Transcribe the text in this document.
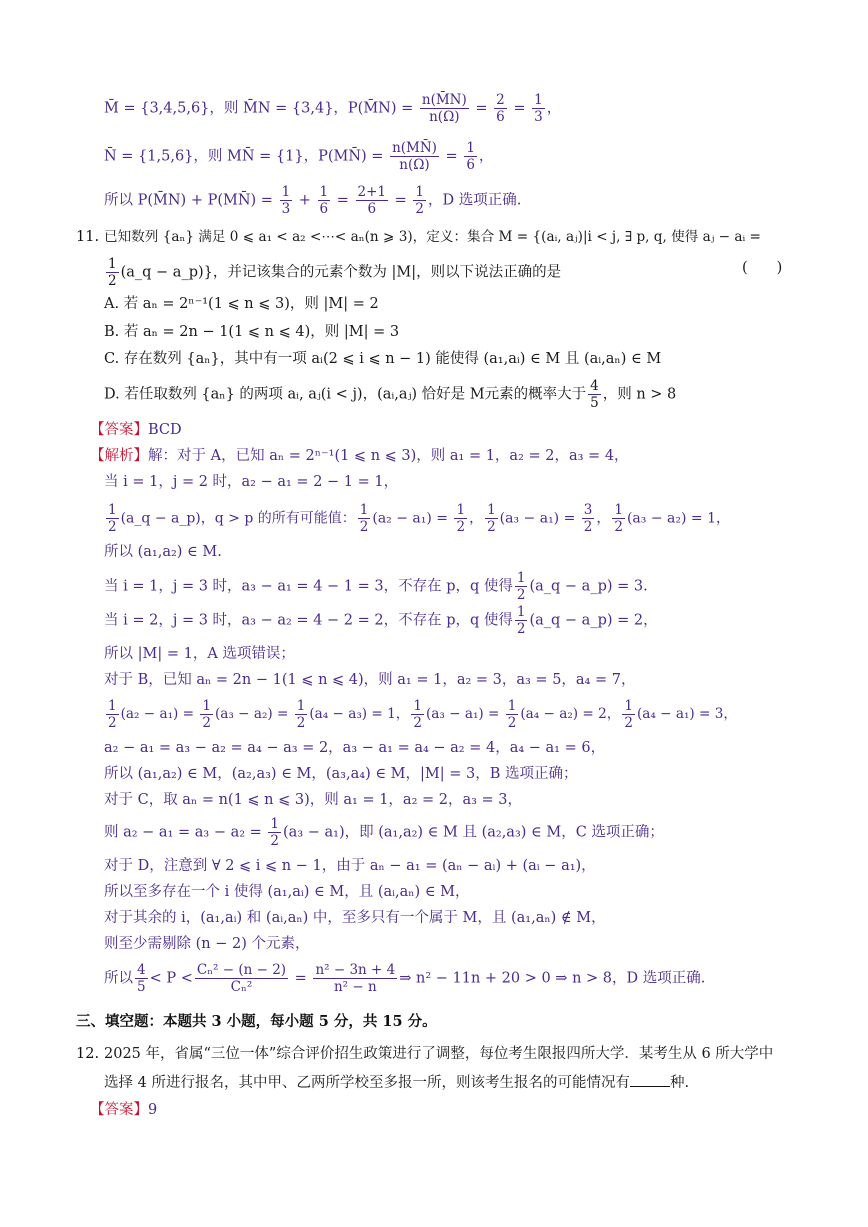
M̄ = {3,4,5,6}，则 M̄N = {3,4}，P(M̄N) = $\frac{n(M̄N)}{n(\Omega)} = \frac{2}{6} = \frac{1}{3}$ ，
N̄ = {1,5,6}，则 MN̄ = {1}，P(MN̄) = $\frac{n(MN̄)}{n(\Omega)} = \frac{1}{6}$ ，
所以 P(M̄N) + P(MN̄) = $\frac{1}{3} + \frac{1}{6} = \frac{2+1}{6} = \frac{1}{2}$ ，D 选项正确.
11. 已知数列 {aₙ} 满足 0 ⩽ a₁ < a₂ <⋯< aₙ(n ⩾ 3)，定义：集合 M = {(aᵢ, aⱼ)|i < j, ∃ p, q, 使得 aⱼ − aᵢ =
$\frac{1}{2}$ (a_q − a_p)}，并记该集合的元素个数为 |M|，则以下说法正确的是	(　　)
A. 若 aₙ = 2ⁿ⁻¹(1 ⩽ n ⩽ 3)，则 |M| = 2
B. 若 aₙ = 2n − 1(1 ⩽ n ⩽ 4)，则 |M| = 3
C. 存在数列 {aₙ}，其中有一项 aᵢ(2 ⩽ i ⩽ n − 1) 能使得 (a₁,aᵢ) ∈ M 且 (aᵢ,aₙ) ∈ M
D. 若任取数列 {aₙ} 的两项 aᵢ, aⱼ(i < j)，(aᵢ,aⱼ) 恰好是 M元素的概率大于 $\frac{4}{5}$ ，则 n > 8
【答案】BCD
【解析】解：对于 A，已知 aₙ = 2ⁿ⁻¹(1 ⩽ n ⩽ 3)，则 a₁ = 1，a₂ = 2，a₃ = 4，
当 i = 1，j = 2 时，a₂ − a₁ = 2 − 1 = 1，
$\frac{1}{2}$ (a_q − a_p)，q > p 的所有可能值： $\frac{1}{2} (a_2 - a_1) = \frac{1}{2}$ ， $\frac{1}{2} (a_3 - a_1) = \frac{3}{2}$ ， $\frac{1}{2} (a_3 - a_2) = 1$，
所以 (a₁,a₂) ∈ M.
当 i = 1，j = 3 时，a₃ − a₁ = 4 − 1 = 3，不存在 p，q 使得 $\frac{1}{2}$ (a_q − a_p) = 3.
当 i = 2，j = 3 时，a₃ − a₂ = 4 − 2 = 2，不存在 p，q 使得 $\frac{1}{2}$ (a_q − a_p) = 2，
所以 |M| = 1，A 选项错误；
对于 B，已知 aₙ = 2n − 1(1 ⩽ n ⩽ 4)，则 a₁ = 1，a₂ = 3，a₃ = 5，a₄ = 7，
$\frac{1}{2} (a_2 - a_1) = \frac{1}{2} (a_3 - a_2) = \frac{1}{2} (a_4 - a_3) = 1$， $\frac{1}{2} (a_3 - a_1) = \frac{1}{2} (a_4 - a_2) = 2$， $\frac{1}{2} (a_4 - a_1) = 3$，
a₂ − a₁ = a₃ − a₂ = a₄ − a₃ = 2，a₃ − a₁ = a₄ − a₂ = 4，a₄ − a₁ = 6，
所以 (a₁,a₂) ∈ M，(a₂,a₃) ∈ M，(a₃,a₄) ∈ M，|M| = 3，B 选项正确；
对于 C，取 aₙ = n(1 ⩽ n ⩽ 3)，则 a₁ = 1，a₂ = 2，a₃ = 3，
则 $a_2 - a_1 = a_3 - a_2 = \frac{1}{2} (a_3 - a_1)$，即 (a₁,a₂) ∈ M 且 (a₂,a₃) ∈ M，C 选项正确；
对于 D，注意到 ∀ 2 ⩽ i ⩽ n − 1，由于 aₙ − a₁ = (aₙ − aᵢ) + (aᵢ − a₁)，
所以至多存在一个 i 使得 (a₁,aᵢ) ∈ M，且 (aᵢ,aₙ) ∈ M，
对于其余的 i，(a₁,aᵢ) 和 (aᵢ,aₙ) 中，至多只有一个属于 M，且 (a₁,aₙ) ∉ M，
则至少需剔除 (n − 2) 个元素，
所以 $\frac{4}{5} < P < \frac{\text{Cₙ² − (n − 2)}}{\text{Cₙ²}} = \frac{\text{n² − 3n + 4}}{\text{n² − n}}$ ⇒ n² − 11n + 20 > 0 ⇒ n > 8，D 选项正确.
三、填空题：本题共 3 小题，每小题 5 分，共 15 分。
12. 2025 年，省属“三位一体”综合评价招生政策进行了调整，每位考生限报四所大学．某考生从 6 所大学中
选择 4 所进行报名，其中甲、乙两所学校至多报一所，则该考生报名的可能情况有	种.
【答案】9
